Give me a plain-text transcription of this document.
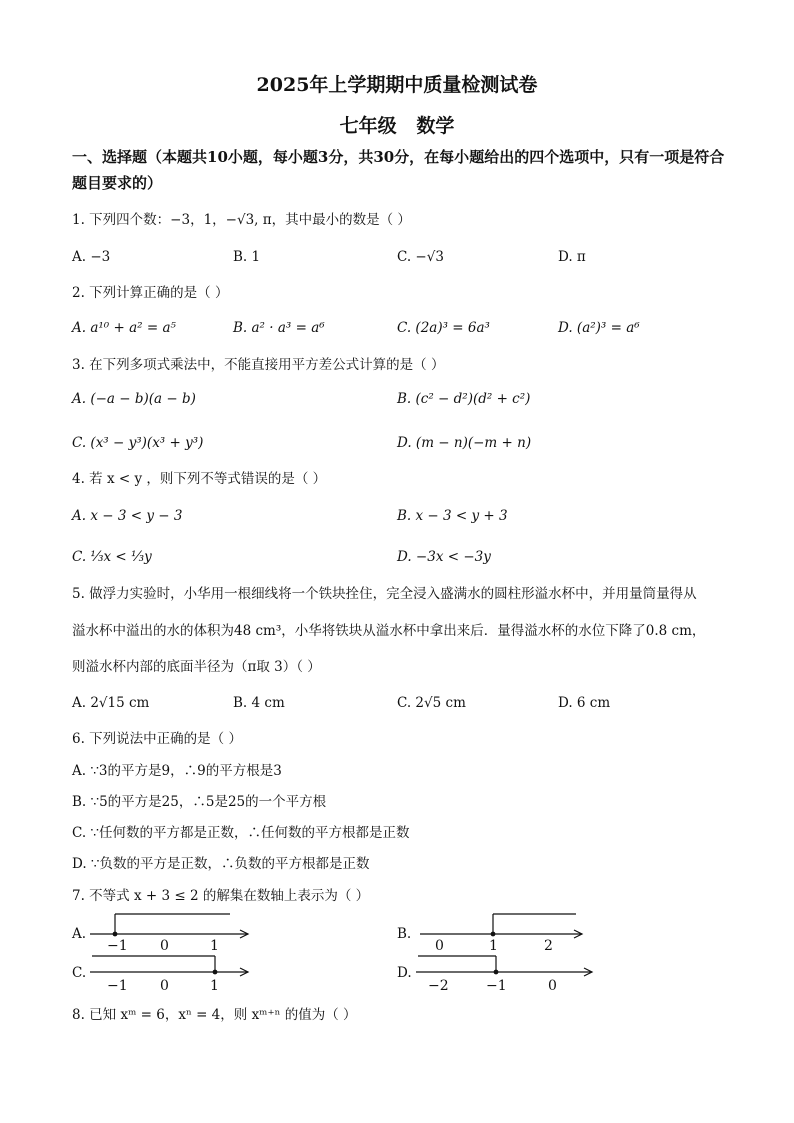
2025年上学期期中质量检测试卷
七年级   数学
一、选择题（本题共10小题，每小题3分，共30分，在每小题给出的四个选项中，只有一项是符合题目要求的）
1. 下列四个数：−3，1，−√3, π，其中最小的数是（ ）
A. −3	B. 1	C. −√3	D. π
2. 下列计算正确的是（ ）
A. a¹⁰ + a² = a⁵	B. a² · a³ = a⁶	C. (2a)³ = 6a³	D. (a²)³ = a⁶
3. 在下列多项式乘法中，不能直接用平方差公式计算的是（ ）
A. (−a − b)(a − b)	B. (c² − d²)(d² + c²)
C. (x³ − y³)(x³ + y³)	D. (m − n)(−m + n)
4. 若 x < y ，则下列不等式错误的是（ ）
A. x − 3 < y − 3	B. x − 3 < y + 3
C. ⅓x < ⅓y	D. −3x < −3y
5. 做浮力实验时，小华用一根细线将一个铁块拴住，完全浸入盛满水的圆柱形溢水杯中，并用量筒量得从
溢水杯中溢出的水的体积为48 cm³，小华将铁块从溢水杯中拿出来后．量得溢水杯的水位下降了0.8 cm，
则溢水杯内部的底面半径为（π取 3）（ ）
A. 2√15 cm	B. 4 cm	C. 2√5 cm	D. 6 cm
6. 下列说法中正确的是（ ）
A. ∵3的平方是9，∴9的平方根是3
B. ∵5的平方是25，∴5是25的一个平方根
C. ∵任何数的平方都是正数，∴任何数的平方根都是正数
D. ∵负数的平方是正数，∴负数的平方根都是正数
7. 不等式 x + 3 ≤ 2 的解集在数轴上表示为（ ）
A.
−1 0	1
B.
0	1	2
C.
−1 0	1
D.
−2	−1	0
8. 已知 xᵐ = 6，xⁿ = 4，则 xᵐ⁺ⁿ 的值为（ ）
